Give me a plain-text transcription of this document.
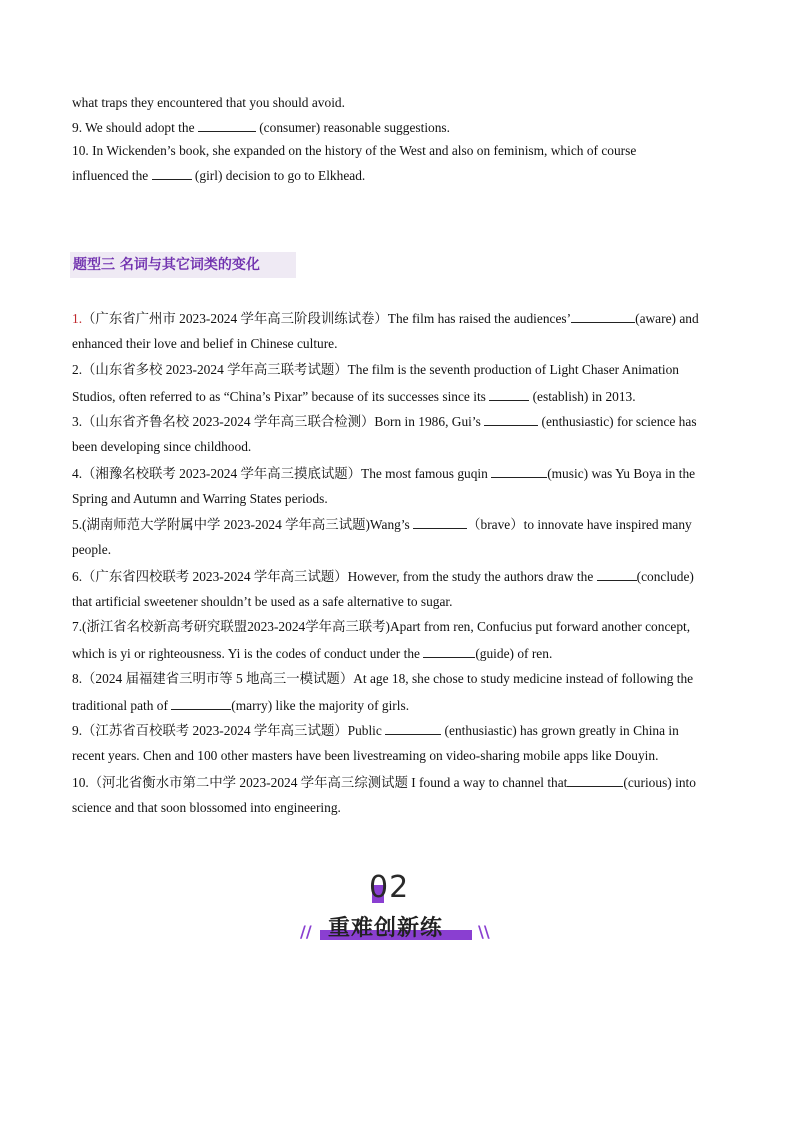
what traps they encountered that you should avoid.
9. We should adopt the	(consumer) reasonable suggestions.
10. In Wickenden’s book, she expanded on the history of the West and also on feminism, which of course
influenced the	(girl) decision to go to Elkhead.
题型三 名词与其它词类的变化
1.（广东省广州市 2023-2024 学年高三阶段训练试卷）The film has raised the audiences’	(aware) and
enhanced their love and belief in Chinese culture.
2.（山东省多校 2023-2024 学年高三联考试题）The film is the seventh production of Light Chaser Animation
Studios, often referred to as “China’s Pixar” because of its successes since its	(establish) in 2013.
3.（山东省齐鲁名校 2023-2024 学年高三联合检测）Born in 1986, Gui’s	(enthusiastic) for science has
been developing since childhood.
4.（湘豫名校联考 2023-2024 学年高三摸底试题）The most famous guqin	(music) was Yu Boya in the
Spring and Autumn and Warring States periods.
5.(湖南师范大学附属中学 2023-2024 学年高三试题)Wang’s	（brave）to innovate have inspired many
people.
6.（广东省四校联考 2023-2024 学年高三试题）However, from the study the authors draw the	(conclude)
that artificial sweetener shouldn’t be used as a safe alternative to sugar.
7.(浙江省名校新高考研究联盟2023-2024学年高三联考)Apart from ren, Confucius put forward another concept,
which is yi or righteousness. Yi is the codes of conduct under the	(guide) of ren.
8.（2024 届福建省三明市等 5 地高三一模试题）At age 18, she chose to study medicine instead of following the
traditional path of	(marry) like the majority of girls.
9.（江苏省百校联考 2023-2024 学年高三试题）Public	(enthusiastic) has grown greatly in China in
recent years. Chen and 100 other masters have been livestreaming on video-sharing mobile apps like Douyin.
10.（河北省衡水市第二中学 2023-2024 学年高三综测试题 I found a way to channel that	(curious) into
science and that soon blossomed into engineering.
02
// 重难创新练 \\
